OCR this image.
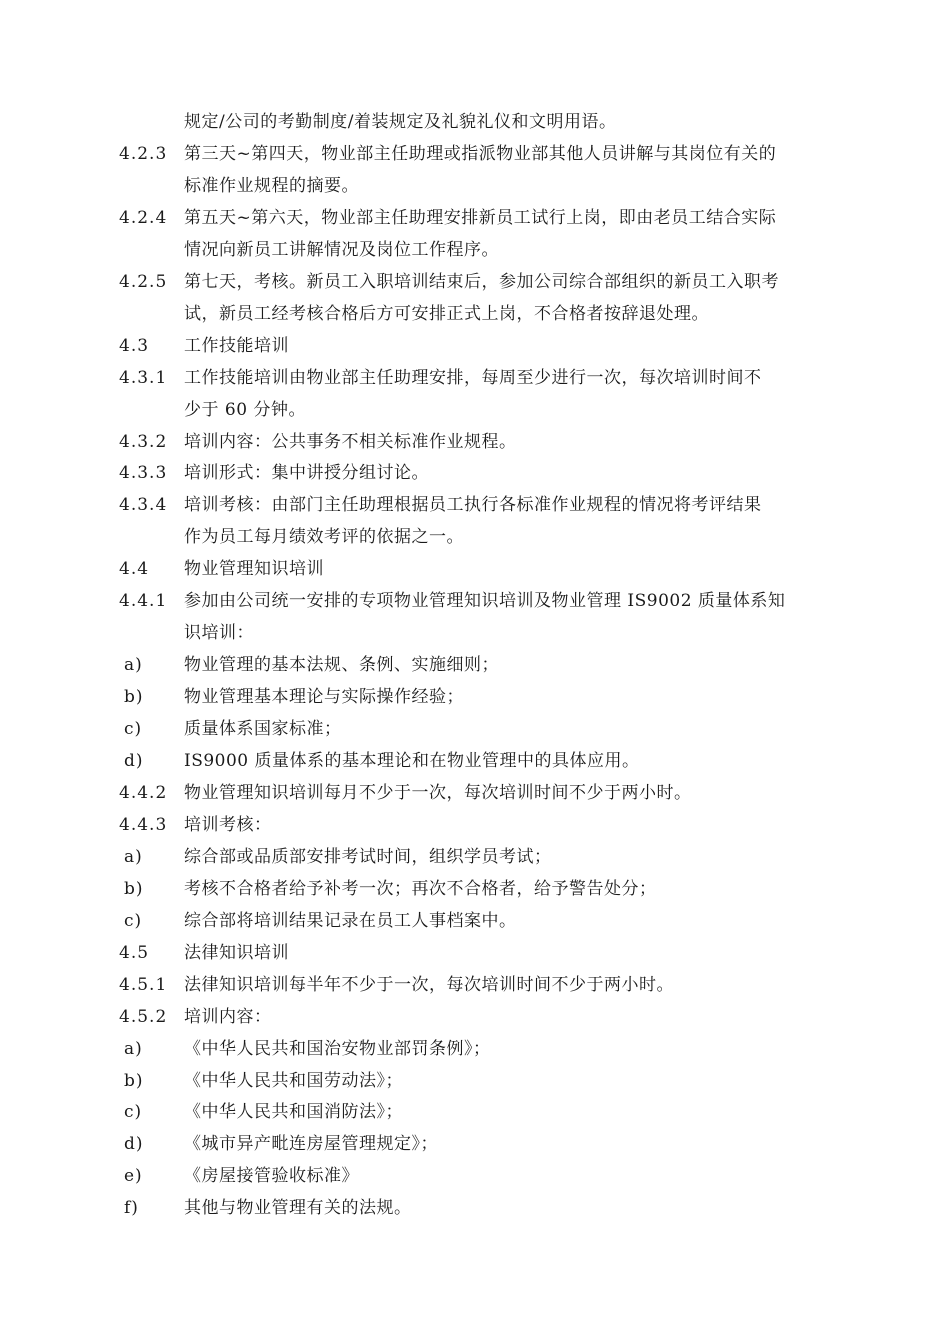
规定/公司的考勤制度/着装规定及礼貌礼仪和文明用语。
4.2.3 第三天~第四天，物业部主任助理或指派物业部其他人员讲解与其岗位有关的
标准作业规程的摘要。
4.2.4 第五天~第六天，物业部主任助理安排新员工试行上岗，即由老员工结合实际
情况向新员工讲解情况及岗位工作程序。
4.2.5 第七天，考核。新员工入职培训结束后，参加公司综合部组织的新员工入职考
试，新员工经考核合格后方可安排正式上岗，不合格者按辞退处理。
4.3	工作技能培训
4.3.1 工作技能培训由物业部主任助理安排，每周至少进行一次，每次培训时间不
少于 60 分钟。
4.3.2 培训内容：公共事务不相关标准作业规程。
4.3.3 培训形式：集中讲授分组讨论。
4.3.4 培训考核：由部门主任助理根据员工执行各标准作业规程的情况将考评结果
作为员工每月绩效考评的依据之一。
4.4	物业管理知识培训
4.4.1 参加由公司统一安排的专项物业管理知识培训及物业管理 IS9002 质量体系知
识培训：
a)	物业管理的基本法规、条例、实施细则；
b)	物业管理基本理论与实际操作经验；
c)	质量体系国家标准；
d)	IS9000 质量体系的基本理论和在物业管理中的具体应用。
4.4.2 物业管理知识培训每月不少于一次，每次培训时间不少于两小时。
4.4.3 培训考核：
a)	综合部或品质部安排考试时间，组织学员考试；
b)	考核不合格者给予补考一次；再次不合格者，给予警告处分；
c)	综合部将培训结果记录在员工人事档案中。
4.5	法律知识培训
4.5.1 法律知识培训每半年不少于一次，每次培训时间不少于两小时。
4.5.2 培训内容：
a)	《中华人民共和国治安物业部罚条例》；
b)	《中华人民共和国劳动法》；
c)	《中华人民共和国消防法》；
d)	《城市异产毗连房屋管理规定》；
e)	《房屋接管验收标准》
f)	其他与物业管理有关的法规。
